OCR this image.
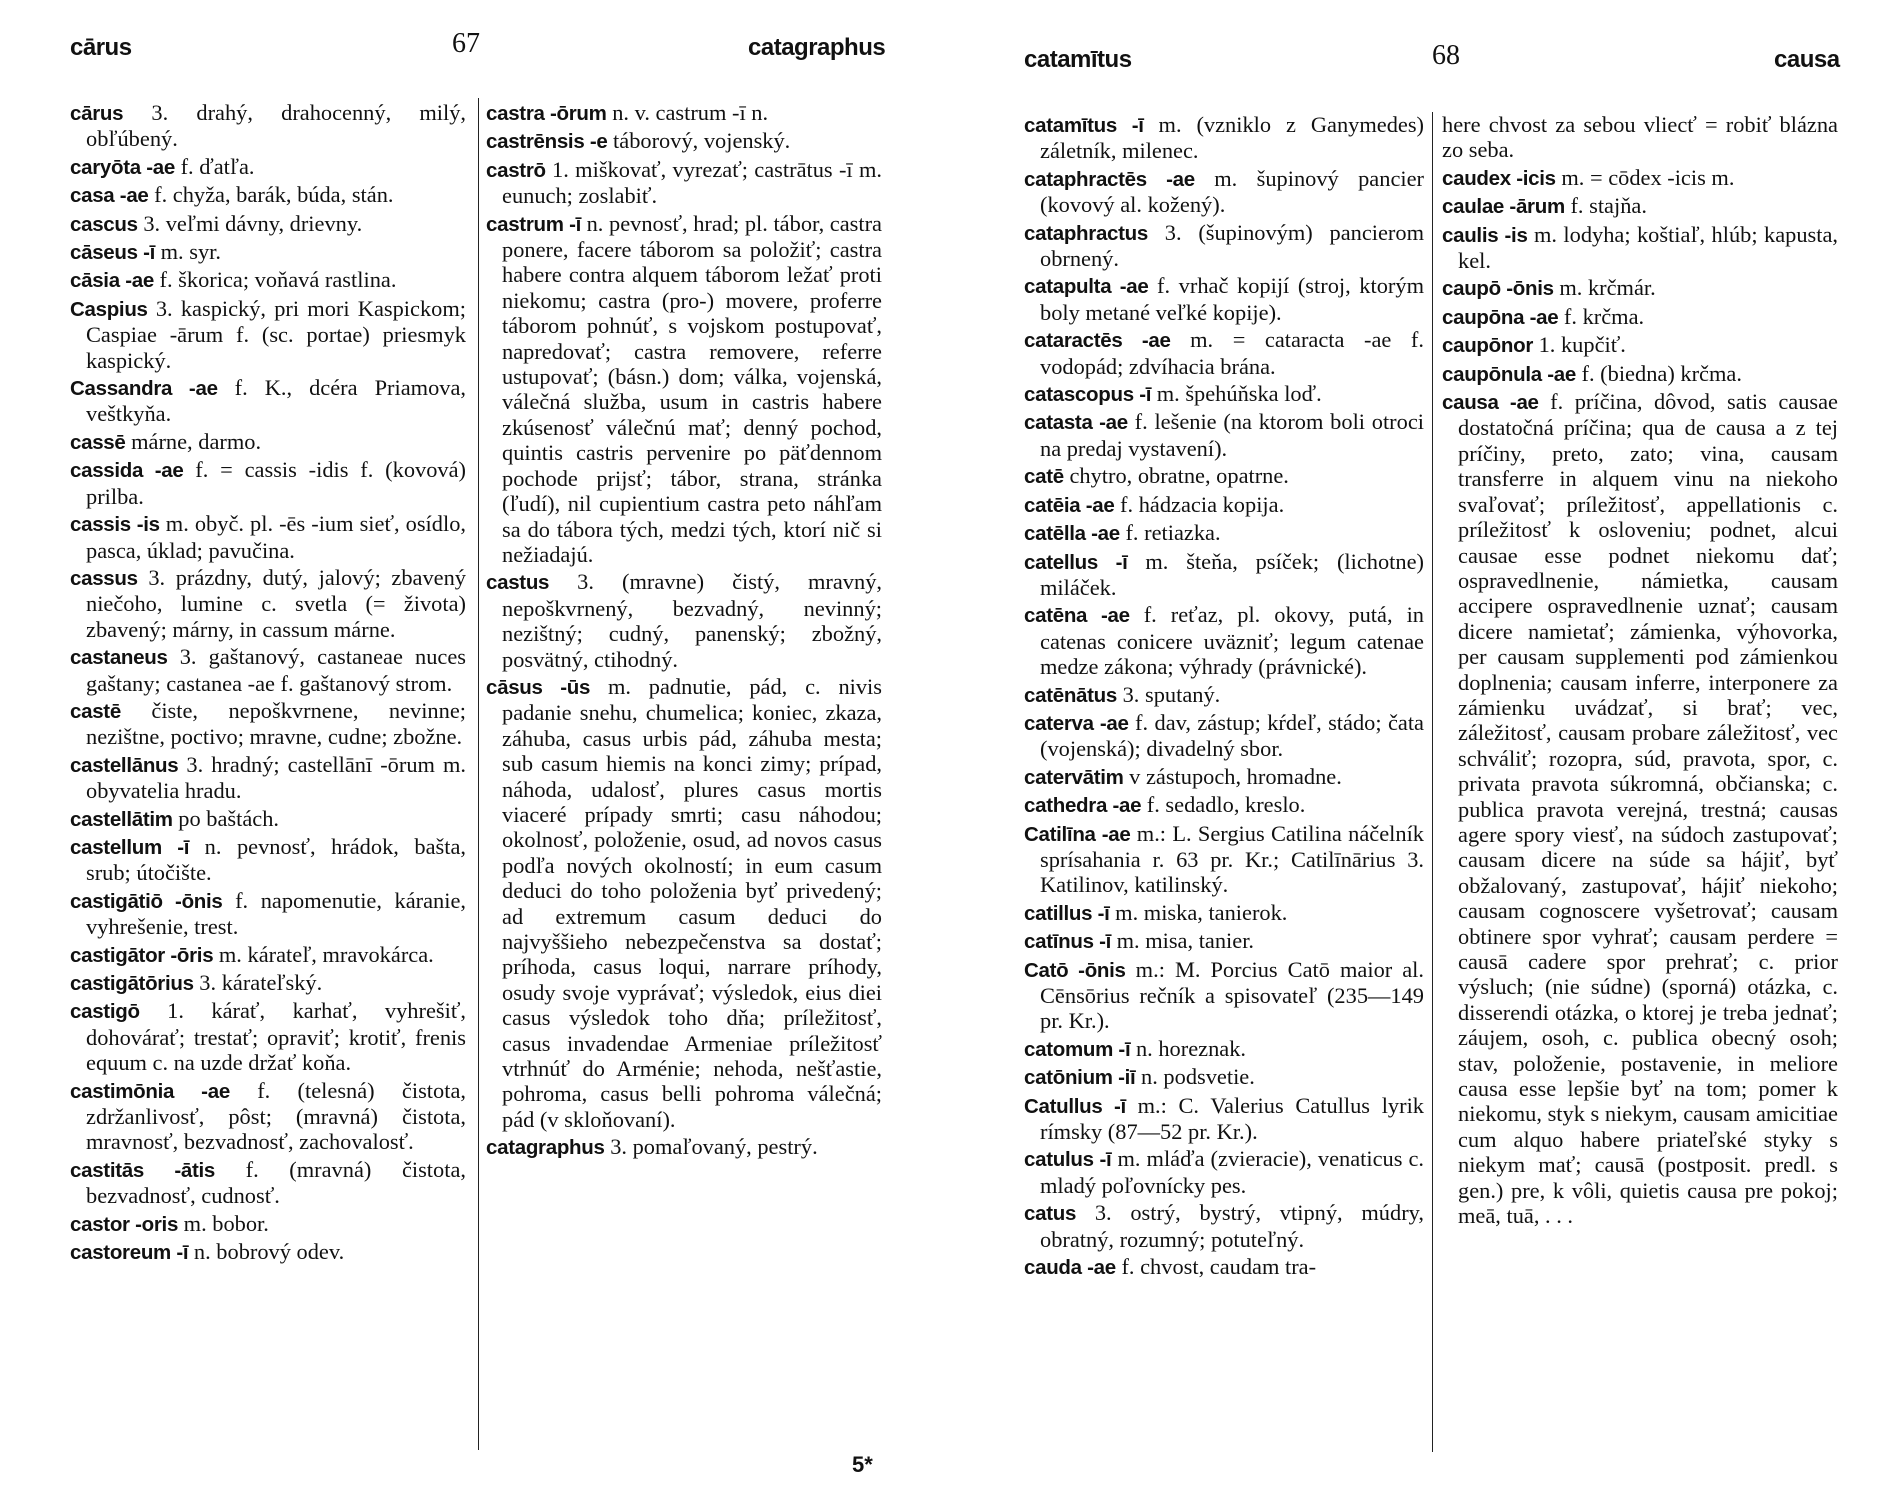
cārus	67	catagraphus
cārus 3. drahý, drahocenný, milý, obľúbený.
caryōta -ae f. ďatľa.
casa -ae f. chyža, barák, búda, stán.
cascus 3. veľmi dávny, drievny.
cāseus -ī m. syr.
cāsia -ae f. škorica; voňavá rastlina.
Caspius 3. kaspický, pri mori Kaspickom; Caspiae -ārum f. (sc. portae) priesmyk kaspický.
Cassandra -ae f. K., dcéra Priamova, veštkyňa.
cassē márne, darmo.
cassida -ae f. = cassis -idis f. (kovová) prilba.
cassis -is m. obyč. pl. -ēs -ium sieť, osídlo, pasca, úklad; pavučina.
cassus 3. prázdny, dutý, jalový; zbavený niečoho, lumine c. svetla (= života) zbavený; márny, in cassum márne.
castaneus 3. gaštanový, castaneae nuces gaštany; castanea -ae f. gaštanový strom.
castē čiste, nepoškvrnene, nevinne; nezištne, poctivo; mravne, cudne; zbožne.
castellānus 3. hradný; castellānī -ōrum m. obyvatelia hradu.
castellātim po baštách.
castellum -ī n. pevnosť, hrádok, bašta, srub; útočište.
castigātiō -ōnis f. napomenutie, káranie, vyhrešenie, trest.
castigātor -ōris m. kárateľ, mravokárca.
castigātōrius 3. kárateľský.
castigō 1. kárať, karhať, vyhrešiť, dohovárať; trestať; opraviť; krotiť, frenis equum c. na uzde držať koňa.
castimōnia -ae f. (telesná) čistota, zdržanlivosť, pôst; (mravná) čistota, mravnosť, bezvadnosť, zachovalosť.
castitās -ātis f. (mravná) čistota, bezvadnosť, cudnosť.
castor -oris m. bobor.
castoreum -ī n. bobrový odev.
castra -ōrum n. v. castrum -ī n.
castrēnsis -e táborový, vojenský.
castrō 1. miškovať, vyrezať; castrātus -ī m. eunuch; zoslabiť.
castrum -ī n. pevnosť, hrad; pl. tábor, castra ponere, facere táborom sa položiť; castra habere contra alquem táborom ležať proti niekomu; castra (pro-) movere, proferre táborom pohnúť, s vojskom postupovať, napredovať; castra removere, referre ustupovať; (básn.) dom; válka, vojenská, válečná služba, usum in castris habere zkúsenosť válečnú mať; denný pochod, quintis castris pervenire po päťdennom pochode prijsť; tábor, strana, stránka (ľudí), nil cupientium castra peto náhľam sa do tábora tých, medzi tých, ktorí nič si nežiadajú.
castus 3. (mravne) čistý, mravný, nepoškvrnený, bezvadný, nevinný; nezištný; cudný, panenský; zbožný, posvätný, ctihodný.
cāsus -ūs m. padnutie, pád, c. nivis padanie snehu, chumelica; koniec, zkaza, záhuba, casus urbis pád, záhuba mesta; sub casum hiemis na konci zimy; prípad, náhoda, udalosť, plures casus mortis viaceré prípady smrti; casu náhodou; okolnosť, položenie, osud, ad novos casus podľa nových okolností; in eum casum deduci do toho položenia byť privedený; ad extremum casum deduci do najvyššieho nebezpečenstva sa dostať; príhoda, casus loqui, narrare príhody, osudy svoje vyprávať; výsledok, eius diei casus výsledok toho dňa; príležitosť, casus invadendae Armeniae príležitosť vtrhnúť do Arménie; nehoda, nešťastie, pohroma, casus belli pohroma válečná; pád (v skloňovaní).
catagraphus 3. pomaľovaný, pestrý.
5*
catamītus	68	causa
catamītus -ī m. (vzniklo z Ganymedes) záletník, milenec.
cataphractēs -ae m. šupinový pancier (kovový al. kožený).
cataphractus 3. (šupinovým) pancierom obrnený.
catapulta -ae f. vrhač kopijí (stroj, ktorým boly metané veľké kopije).
cataractēs -ae m. = cataracta -ae f. vodopád; zdvíhacia brána.
catascopus -ī m. špehúňska loď.
catasta -ae f. lešenie (na ktorom boli otroci na predaj vystavení).
catē chytro, obratne, opatrne.
catēia -ae f. hádzacia kopija.
catēlla -ae f. retiazka.
catellus -ī m. šteňa, psíček; (lichotne) miláček.
catēna -ae f. reťaz, pl. okovy, putá, in catenas conicere uväzniť; legum catenae medze zákona; výhrady (právnické).
catēnātus 3. sputaný.
caterva -ae f. dav, zástup; kŕdeľ, stádo; čata (vojenská); divadelný sbor.
catervātim v zástupoch, hromadne.
cathedra -ae f. sedadlo, kreslo.
Catilīna -ae m.: L. Sergius Catilina náčelník sprísahania r. 63 pr. Kr.; Catilīnārius 3. Katilinov, katilinský.
catillus -ī m. miska, tanierok.
catīnus -ī m. misa, tanier.
Catō -ōnis m.: M. Porcius Catō maior al. Cēnsōrius rečník a spisovateľ (235—149 pr. Kr.).
catomum -ī n. horeznak.
catōnium -iī n. podsvetie.
Catullus -ī m.: C. Valerius Catullus lyrik rímsky (87—52 pr. Kr.).
catulus -ī m. mláďa (zvieracie), venaticus c. mladý poľovnícky pes.
catus 3. ostrý, bystrý, vtipný, múdry, obratný, rozumný; potuteľný.
cauda -ae f. chvost, caudam tra-
here chvost za sebou vliecť = robiť blázna zo seba.
caudex -icis m. = cōdex -icis m.
caulae -ārum f. stajňa.
caulis -is m. lodyha; koštiaľ, hlúb; kapusta, kel.
caupō -ōnis m. krčmár.
caupōna -ae f. krčma.
caupōnor 1. kupčiť.
caupōnula -ae f. (biedna) krčma.
causa -ae f. príčina, dôvod, satis causae dostatočná príčina; qua de causa a z tej príčiny, preto, zato; vina, causam transferre in alquem vinu na niekoho svaľovať; príležitosť, appellationis c. príležitosť k osloveniu; podnet, alcui causae esse podnet niekomu dať; ospravedlnenie, námietka, causam accipere ospravedlnenie uznať; causam dicere namietať; zámienka, výhovorka, per causam supplementi pod zámienkou doplnenia; causam inferre, interponere za zámienku uvádzať, si brať; vec, záležitosť, causam probare záležitosť, vec schváliť; rozopra, súd, pravota, spor, c. privata pravota súkromná, občianska; c. publica pravota verejná, trestná; causas agere spory viesť, na súdoch zastupovať; causam dicere na súde sa hájiť, byť obžalovaný, zastupovať, hájiť niekoho; causam cognoscere vyšetrovať; causam obtinere spor vyhrať; causam perdere = causā cadere spor prehrať; c. prior výsluch; (nie súdne) (sporná) otázka, c. disserendi otázka, o ktorej je treba jednať; záujem, osoh, c. publica obecný osoh; stav, položenie, postavenie, in meliore causa esse lepšie byť na tom; pomer k niekomu, styk s niekym, causam amicitiae cum alquo habere priateľské styky s niekym mať; causā (postposit. predl. s gen.) pre, k vôli, quietis causa pre pokoj; meā, tuā, . . .
